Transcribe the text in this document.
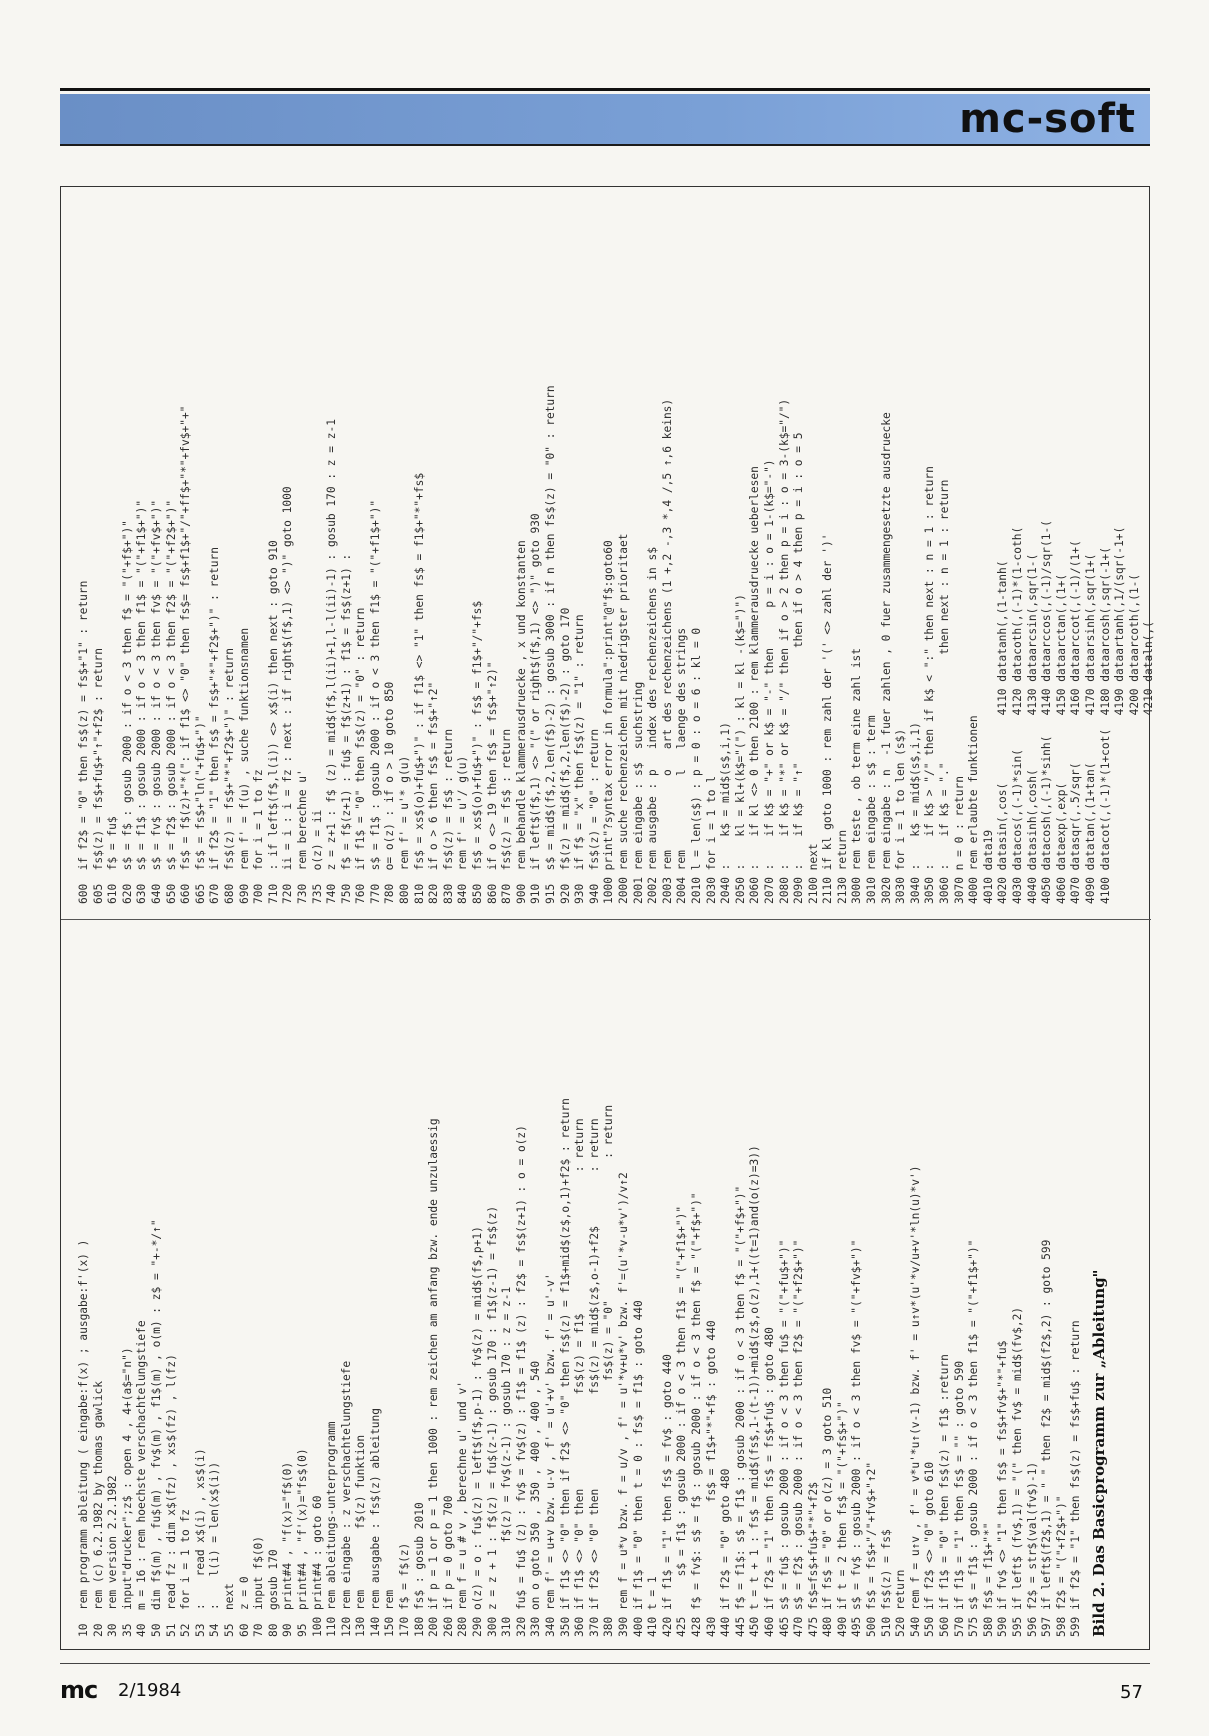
mc-soft
10  rem programm ableitung ( eingabe:f(x) ; ausgabe:f'(x) )
20  rem (c) 6.2.1982 by thomas gawlick
30  rem version 2.2.1982
35  input"drucker";z$ : open 4 , 4+(a$="n")
40  m = 16 : rem hoechste verschachtelungstiefe
50  dim f$(m) , fu$(m) , fv$(m) , f1$(m) , o(m) : z$ = "+-*/↑"
51  read fz : dim x$(fz) , xs$(fz) , l(fz)
52  for i = 1 to fz
53  :    read x$(i) , xs$(i)
54  :    l(i) = len(x$(i))
55  next
60  z = 0
70  input f$(0)
80  gosub 170
90  print#4 , "f(x)="f$(0)
95  print#4 , "f'(x)="fs$(0)
100 print#4 : goto 60
110 rem ableitungs-unterprogramm
120 rem eingabe : z verschachtelungstiefe
130 rem         f$(z) funktion
140 rem ausgabe : fs$(z) ableitung
150 rem
170 f$ = f$(z)
180 fs$ : gosub 2010
200 if p = 1 or p = 1 then 1000 : rem zeichen am anfang bzw. ende unzulaessig
260 if p = 0 goto 700
280 rem f = u # v , berechne u' und v'
290 o(z) = o : fu$(z) = left$(f$,p-1) : fv$(z) = mid$(f$,p+1)
300 z = z + 1 : f$(z) = fu$(z-1) : gosub 170 : f1$(z-1) = fs$(z)
310           f$(z) = fv$(z-1) : gosub 170 : z = z-1
320 fu$ = fu$ (z) : fv$ = fv$(z) : f1$ = f1$ (z) : f2$ = fs$(z+1) : o = o(z)
330 on o goto 350 , 350 , 400 , 400 , 540
340 rem f' = u+v bzw. u-v , f' = u'+v' bzw. f' = u'-v'
350 if f1$ <> "0" then if f2$ <> "0" then fs$(z) = f1$+mid$(z$,o,1)+f2$ : return
360 if f1$ <> "0" then              fs$(z) = f1$                     : return
370 if f2$ <> "0" then              fs$(z) = mid$(z$,o-1)+f2$        : return
380                                   fs$(z) = "0"                     : return
390 rem f = u*v bzw. f = u/v , f' = u'*v+u*v' bzw. f'=(u'*v-u*v')/v↑2
400 if f1$ = "0" then t = 0 : fs$ = f1$ : goto 440
410 t = 1
420 if f1$ = "1" then fs$ = fv$ : goto 440
425      s$ = f1$ : gosub 2000 : if o < 3 then f1$ = "("+f1$+")"
428 f$ = fv$: s$ = f$ : gosub 2000 : if o < 3 then f$ = "("+f$+")"
430                 fs$ = f1$+"*"+f$ : goto 440
440 if f2$ = "0" goto 480
445 f$ = f1$: s$ = f1$ : gosub 2000 : if o < 3 then f$ = "("+f$+")"
450 t = t + 1 : fs$ = mid$(fs$,1-(t-1))+mid$(z$,o(z),1+((t=1)and(o(z)=3))
460 if f2$ = "1" then fs$ = fs$+fu$ : goto 480
465 s$ = fu$ : gosub 2000 : if o < 3 then fu$ = "("+fu$+")"
470 s$ = f2$ : gosub 2000 : if o < 3 then f2$ = "("+f2$+")"
475 fs$=fs$+fu$+"*"+f2$
480 if fs$ = "0" or o(z) = 3 goto 510
490 if t = 2 then fs$ = "("+fs$+")"
495 s$ = fv$ : gosub 2000 : if o < 3 then fv$ = "("+fv$+")"
500 fs$ = fs$+"/"+fv$+"↑2"
510 fs$(z) = fs$
520 return
540 rem f = u↑v , f' = v*u'*u↑(v-1) bzw. f' = u↑v*(u'*v/u+v'*ln(u)*v')
550 if f2$ <> "0" goto 610
560 if f1$ = "0" then fs$(z) = f1$ :return
570 if f1$ = "1" then fs$ = "" : goto 590
575 s$ = f1$ : gosub 2000 : if o < 3 then f1$ = "("+f1$+")"
580 fs$ = f1$+"*"
590 if fv$ <> "1" then fs$ = fs$+fv$+"*"+fu$
595 if left$ (fv$,1) = "(" then fv$ = mid$(fv$,2)
596 f2$ = str$(val(fv$)-1)
597 if left$(f2$,1) = " " then f2$ = mid$(f2$,2) : goto 599
598 f2$ = "("+f2$+")"
599 if f2$ = "1" then fs$(z) = fs$+fu$ : return Bild 2. Das Basicprogramm zur „Ableitung"

600  if f2$ = "0" then fs$(z) = fs$+"1" : return
605  fs$(z) = fs$+fu$+"↑"+f2$ : return
610  f$ = fu$
620  s$ = f$ : gosub 2000 : if o < 3 then f$ = "("+f$+")"
630  s$ = f1$ : gosub 2000 : if o < 3 then f1$ = "("+f1$+")"
640  s$ = fv$ : gosub 2000 : if o < 3 then fv$ = "("+fv$+")"
650  s$ = f2$ : gosub 2000 : if o < 3 then f2$ = "("+f2$+")"
660  fs$ = f$(z)+"*(": if f1$ <> "0" then fs$= fs$+f1$+"/"+ff$+"*"+fv$+"+"
665  fs$ = fs$+"ln("+fu$+")"
670  if f2$ = "1" then fs$ = fs$+"*"+f2$+")" : return
680  fs$(z) = fs$+"*"+f2$+")" : return
690  rem f' = f(u) , suche funktionsnamen
700  for i = 1 to fz
710  : if left$(f$,l(i)) <> x$(i) then next : goto 910
720  ii = i : i = fz : next : if right$(f$,1) <> ")" goto 1000
730  rem berechne u'
735  o(z) = ii
740  z = z+1 : f$ (z) = mid$(f$,l(ii)+1,l-l(ii)-1) : gosub 170 : z = z-1
750  f$ = f$(z+1) : fu$ = f$(z+1) : f1$ = fs$(z+1) :
760  if f1$ = "0" then fs$(z) = "0" : return
770  s$ = f1$ : gosub 2000 : if o < 3 then f1$ = "("+f1$+")"
780  o= o(z) : if o > 10 goto 850
800  rem f' = u'* g(u)
810  fs$ = xs$(o)+fu$+")" : if f1$ <> "1" then fs$ = f1$+"*"+fs$
820  if o > 6 then fs$ = fs$+"↑2"
830  fs$(z) = fs$ : return
840  rem f' = u'/ g(u)
850  fs$ = xs$(o)+fu$+")" : fs$ = f1$+"/"+fs$
860  if o <> 19 then fs$ = fs$+"↑2)"
870  fs$(z) = fs$ : return
900  rem behandle klammerausdruecke , x und konstanten
910  if left$(f$,1) <> "(" or right$(f$,1) <> ")" goto 930
915  s$ = mid$(f$,2,len(f$)-2) : gosub 3000 : if n then fs$(z) = "0" : return
920  f$(z) = mid$(f$,2,len(f$)-2) : goto 170
930  if f$ = "x" then fs$(z) = "1" : return
940  fs$(z) = "0" : return
1000 print"?syntax error in formula":print"@"f$:goto60
2000 rem suche rechenzeichen mit niedrigster prioritaet
2001 rem eingabe : s$  suchstring
2002 rem ausgabe : p   index des rechenzeichens in s$
2003 rem           o   art des rechenzeichens (1 +,2 -,3 *,4 /,5 ↑,6 keins)
2004 rem           l   laenge des strings
2010 l = len(s$) : p = 0 : o = 6 : kl = 0
2030 for i = 1 to l
2040 :    k$ = mid$(s$,i,1)
2050 :    kl = kl+(k$="(") : kl = kl -(k$=")")
2060 :    if kl <> 0 then 2100 : rem klammerausdruecke ueberlesen
2070 :    if k$ = "+" or k$ = "-" then      p = i : o = 1-(k$="-")
2080 :    if k$ = "*" or k$ = "/" then if o > 2 then p = i : o = 3-(k$="/")
2090 :    if k$ = "↑"                 then if o > 4 then p = i : o = 5
2100 next
2110 if kl goto 1000 : rem zahl der '(' <> zahl der ')'
2130 return
3000 rem teste , ob term eine zahl ist
3010 rem eingabe : s$ : term
3020 rem eingabe : n  -1 fuer zahlen , 0 fuer zusammengesetzte ausdruecke
3030 for i = 1 to len (s$)
3040 :    k$ = mid$(s$,i,1)
3050 :    if k$ > "/" then if k$ < ":" then next : n = 1 : return
3060 :    if k$ = "."                then next : n = 1 : return
3070 n = 0 : return
4000 rem erlaubte funktionen
4010 data19
4020 datasin(,cos(          4110 datatanh(,(1-tanh(
4030 datacos(,(-1)*sin(     4120 datacoth(,(-1)*(1-coth(
4040 datasinh(,cosh(        4130 dataarcsin(,sqr(1-(
4050 datacosh(,(-1)*sinh(   4140 dataarccos(,(-1)/sqr(1-(
4060 dataexp(,exp(          4150 dataarctan(,(1+(
4070 datasqr(,.5/sqr(       4160 dataarccot(,(-1)/(1+(
4090 datatan(,(1+tan(       4170 dataarsinh(,sqr(1+(
4100 datacot(,(-1)*(1+cot(  4180 dataarcosh(,sqr(-1+(
4190 dataartanh(,1/(sqr(-1+(
4200 dataarcoth(,(1-(
4210 dataln(,(
mc 2/1984	57
